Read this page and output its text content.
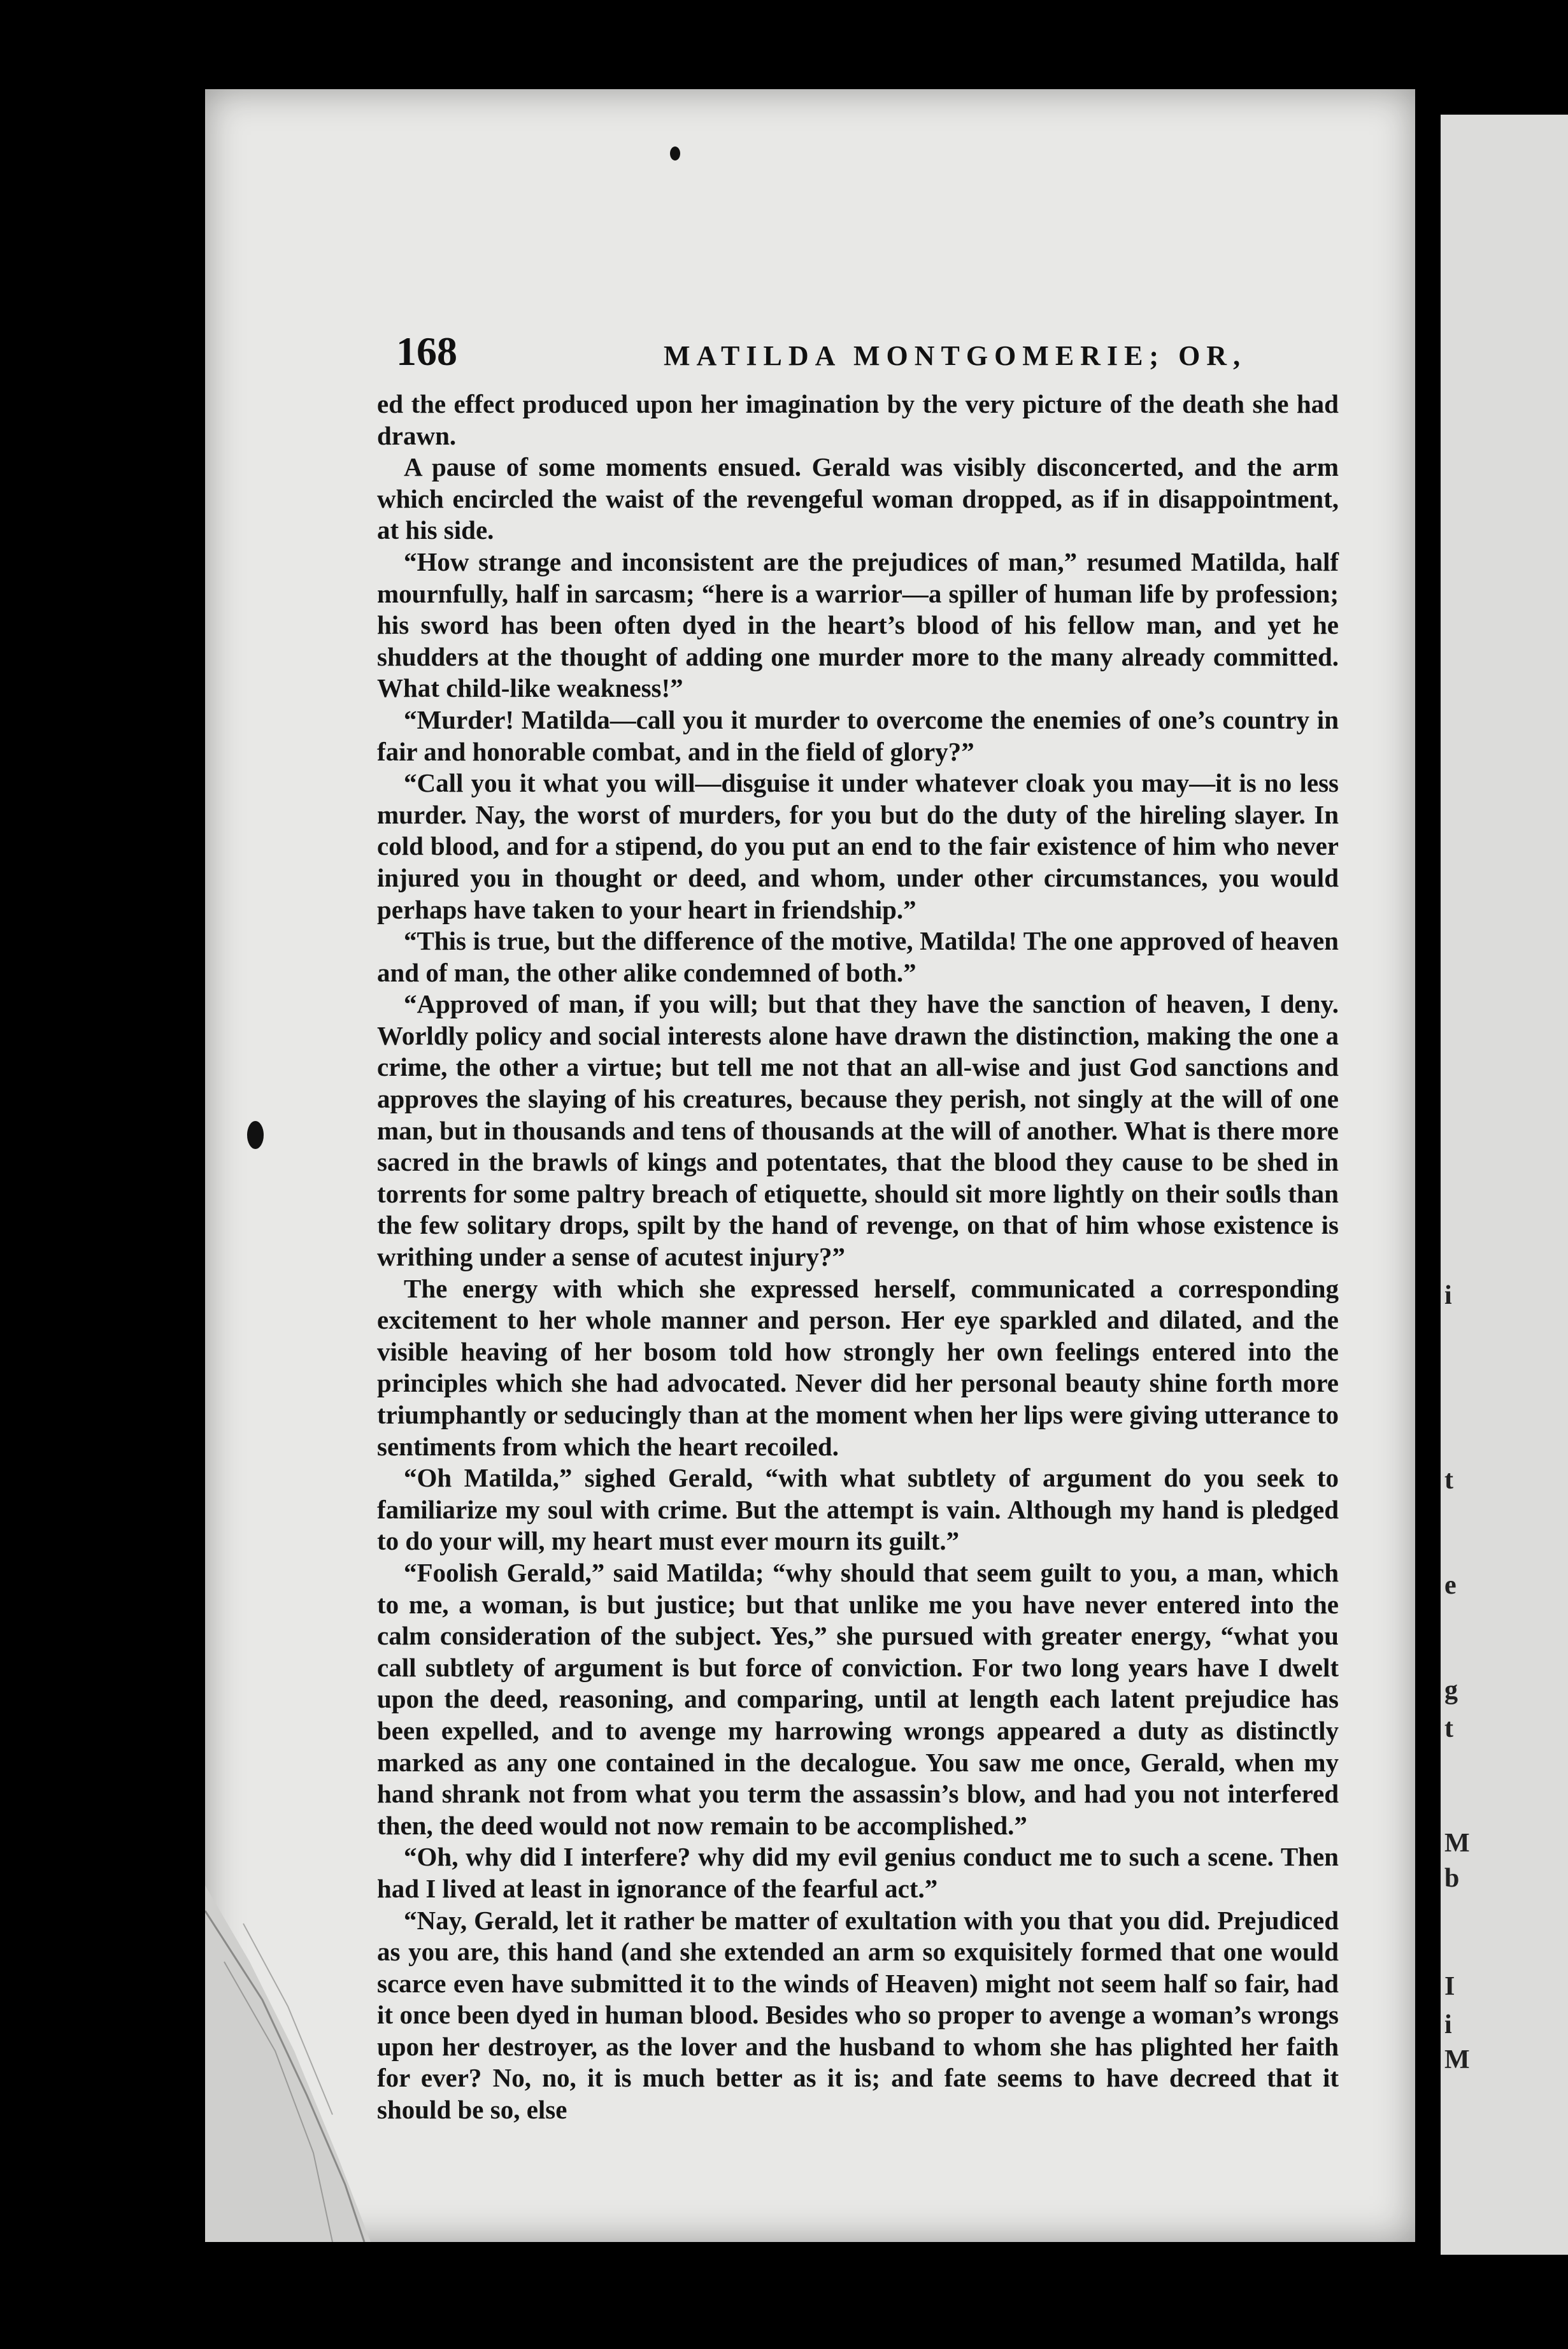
i
t
e
g
t
M
b
I
i
M
168	MATILDA MONTGOMERIE; OR,

ed the effect produced upon her imagination by the very picture of the death she had drawn.

A pause of some moments ensued. Gerald was visibly disconcerted, and the arm which encircled the waist of the revengeful woman dropped, as if in disappointment, at his side.

“How strange and inconsistent are the prejudices of man,” resumed Matilda, half mournfully, half in sarcasm; “here is a warrior—a spiller of human life by profession; his sword has been often dyed in the heart’s blood of his fellow man, and yet he shudders at the thought of adding one murder more to the many already committed. What child-like weakness!”

“Murder! Matilda—call you it murder to overcome the enemies of one’s country in fair and honorable combat, and in the field of glory?”

“Call you it what you will—disguise it under whatever cloak you may—it is no less murder. Nay, the worst of murders, for you but do the duty of the hireling slayer. In cold blood, and for a stipend, do you put an end to the fair existence of him who never injured you in thought or deed, and whom, under other circumstances, you would perhaps have taken to your heart in friendship.”

“This is true, but the difference of the motive, Matilda! The one approved of heaven and of man, the other alike condemned of both.”

“Approved of man, if you will; but that they have the sanction of heaven, I deny. Worldly policy and social interests alone have drawn the distinction, making the one a crime, the other a virtue; but tell me not that an all-wise and just God sanctions and approves the slaying of his creatures, because they perish, not singly at the will of one man, but in thousands and tens of thousands at the will of another. What is there more sacred in the brawls of kings and potentates, that the blood they cause to be shed in torrents for some paltry breach of etiquette, should sit more lightly on their souls than the few solitary drops, spilt by the hand of revenge, on that of him whose existence is writhing under a sense of acutest injury?”

The energy with which she expressed herself, communicated a corresponding excitement to her whole manner and person. Her eye sparkled and dilated, and the visible heaving of her bosom told how strongly her own feelings entered into the principles which she had advocated. Never did her personal beauty shine forth more triumphantly or seducingly than at the moment when her lips were giving utterance to sentiments from which the heart recoiled.

“Oh Matilda,” sighed Gerald, “with what subtlety of argument do you seek to familiarize my soul with crime. But the attempt is vain. Although my hand is pledged to do your will, my heart must ever mourn its guilt.”

“Foolish Gerald,” said Matilda; “why should that seem guilt to you, a man, which to me, a woman, is but justice; but that unlike me you have never entered into the calm consideration of the subject. Yes,” she pursued with greater energy, “what you call subtlety of argument is but force of conviction. For two long years have I dwelt upon the deed, reasoning, and comparing, until at length each latent prejudice has been expelled, and to avenge my harrowing wrongs appeared a duty as distinctly marked as any one contained in the decalogue. You saw me once, Gerald, when my hand shrank not from what you term the assassin’s blow, and had you not interfered then, the deed would not now remain to be accomplished.”

“Oh, why did I interfere? why did my evil genius conduct me to such a scene. Then had I lived at least in ignorance of the fearful act.”

“Nay, Gerald, let it rather be matter of exultation with you that you did. Prejudiced as you are, this hand (and she extended an arm so exquisitely formed that one would scarce even have submitted it to the winds of Heaven) might not seem half so fair, had it once been dyed in human blood. Besides who so proper to avenge a woman’s wrongs upon her destroyer, as the lover and the husband to whom she has plighted her faith for ever? No, no, it is much better as it is; and fate seems to have decreed that it should be so, else
